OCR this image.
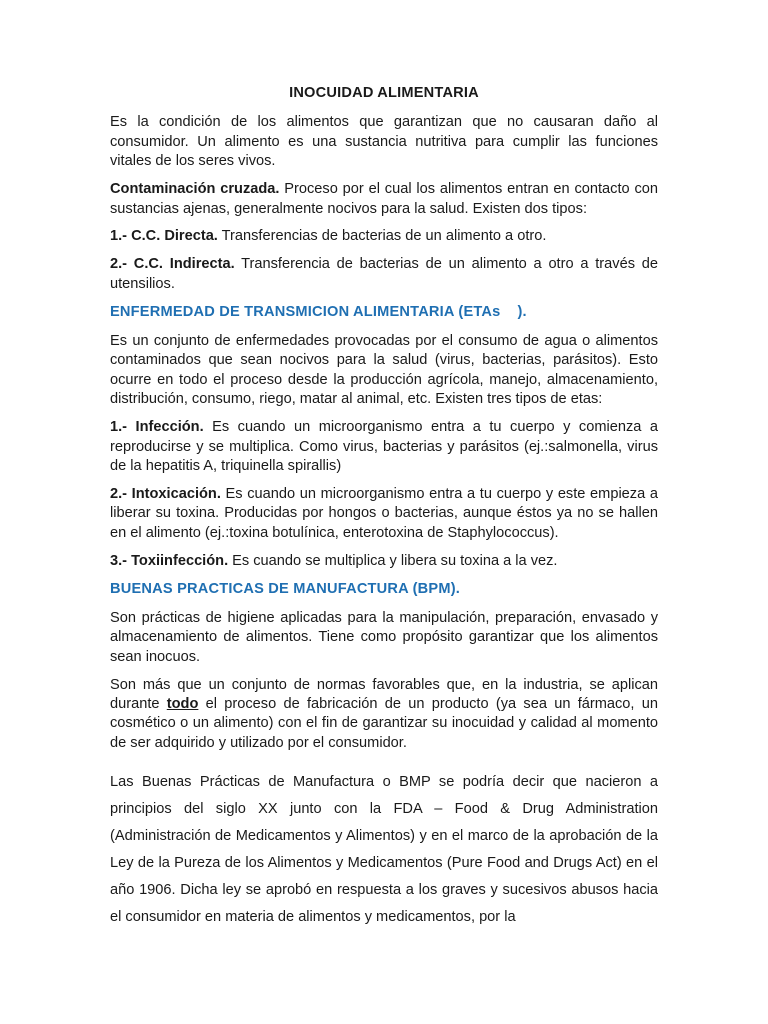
INOCUIDAD ALIMENTARIA

Es la condición de los alimentos que garantizan que no causaran daño al consumidor. Un alimento es una sustancia nutritiva para cumplir las funciones vitales de los seres vivos.

Contaminación cruzada. Proceso por el cual los alimentos entran en contacto con sustancias ajenas, generalmente nocivos para la salud. Existen dos tipos:

1.- C.C. Directa. Transferencias de bacterias de un alimento a otro.

2.- C.C. Indirecta. Transferencia de bacterias de un alimento a otro a través de utensilios.

ENFERMEDAD DE TRANSMICION ALIMENTARIA (ETAs    ).

Es un conjunto de enfermedades provocadas por el consumo de agua o alimentos contaminados que sean nocivos para la salud (virus, bacterias, parásitos). Esto ocurre en todo el proceso desde la producción agrícola, manejo, almacenamiento, distribución, consumo, riego, matar al animal, etc. Existen tres tipos de etas:

1.- Infección. Es cuando un microorganismo entra a tu cuerpo y comienza a reproducirse y se multiplica. Como virus, bacterias y parásitos (ej.:salmonella, virus de la hepatitis A, triquinella spirallis)

2.- Intoxicación. Es cuando un microorganismo entra a tu cuerpo y este empieza a liberar su toxina. Producidas por hongos o bacterias, aunque éstos ya no se hallen en el alimento (ej.:toxina botulínica, enterotoxina de Staphylococcus).

3.- Toxiinfección. Es cuando se multiplica y libera su toxina a la vez.

BUENAS PRACTICAS DE MANUFACTURA (BPM).

Son prácticas de higiene aplicadas para la manipulación, preparación, envasado y almacenamiento de alimentos. Tiene como propósito garantizar que los alimentos sean inocuos.

Son más que un conjunto de normas favorables que, en la industria, se aplican durante todo el proceso de fabricación de un producto (ya sea un fármaco, un cosmético o un alimento) con el fin de garantizar su inocuidad y calidad al momento de ser adquirido y utilizado por el consumidor.

Las Buenas Prácticas de Manufactura o BMP se podría decir que nacieron a principios del siglo XX junto con la FDA – Food & Drug Administration (Administración de Medicamentos y Alimentos) y en el marco de la aprobación de la Ley de la Pureza de los Alimentos y Medicamentos (Pure Food and Drugs Act) en el año 1906. Dicha ley se aprobó en respuesta a los graves y sucesivos abusos hacia el consumidor en materia de alimentos y medicamentos, por la
